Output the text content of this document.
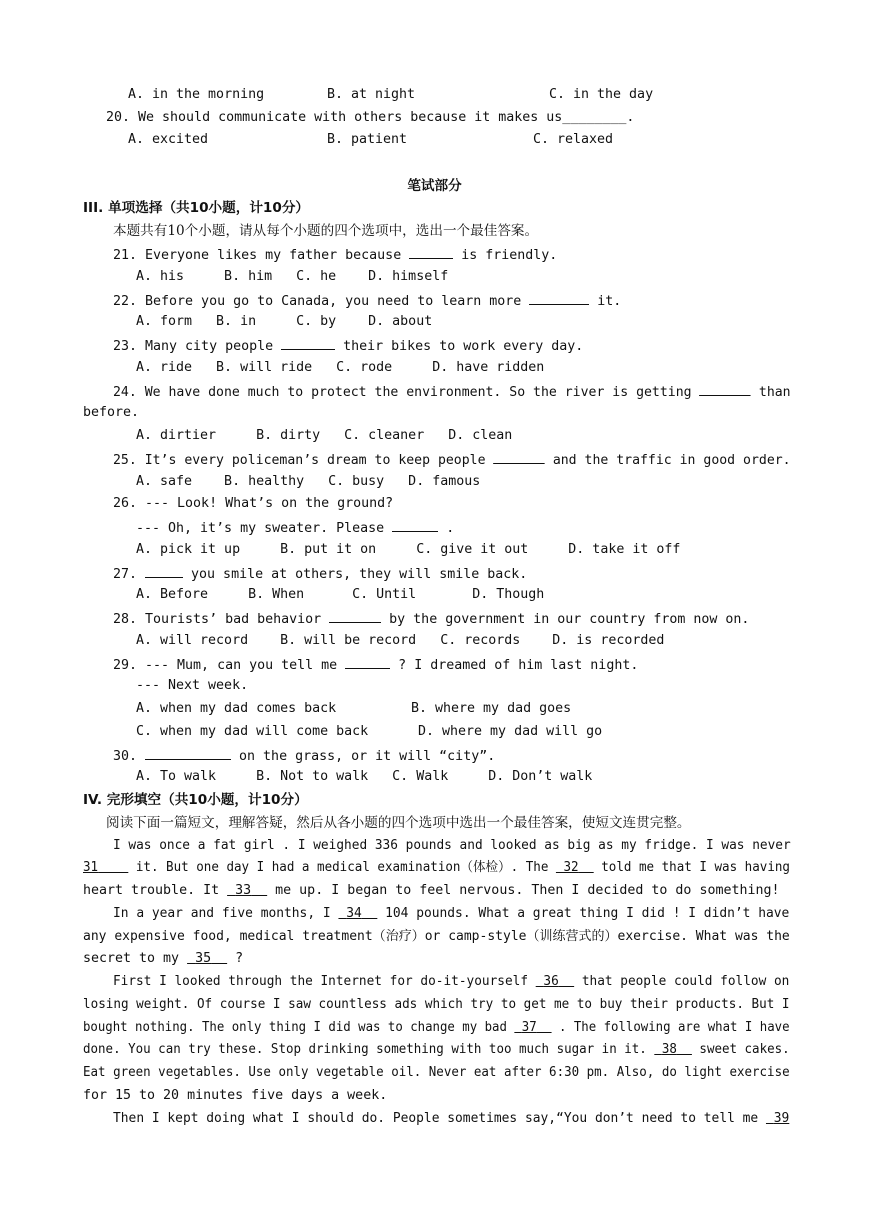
A. in the morning	B. at night	C. in the day
20. We should communicate with others because it makes us________.
A. excited	B. patient	C. relaxed
笔试部分
III. 单项选择（共10小题，计10分）
本题共有10个小题，请从每个小题的四个选项中，选出一个最佳答案。
21. Everyone likes my father because	is friendly.
A. his     B. him   C. he    D. himself
22. Before you go to Canada, you need to learn more	it.
A. form   B. in     C. by    D. about
23. Many city people	their bikes to work every day.
A. ride   B. will ride   C. rode     D. have ridden
24. We have done much to protect the environment. So the river is getting	than
before.
A. dirtier     B. dirty   C. cleaner   D. clean
25. It’s every policeman’s dream to keep people	and the traffic in good order.
A. safe    B. healthy   C. busy   D. famous
26. --- Look! What’s on the ground?
--- Oh, it’s my sweater. Please	.
A. pick it up     B. put it on     C. give it out     D. take it off
27.	you smile at others, they will smile back.
A. Before     B. When      C. Until       D. Though
28. Tourists’ bad behavior	by the government in our country from now on.
A. will record    B. will be record   C. records    D. is recorded
29. --- Mum, can you tell me	? I dreamed of him last night.
--- Next week.
A. when my dad comes back	B. where my dad goes
C. when my dad will come back	D. where my dad will go
30.	on the grass, or it will “city”.
A. To walk     B. Not to walk   C. Walk     D. Don’t walk
IV. 完形填空（共10小题，计10分）
阅读下面一篇短文，理解答疑，然后从各小题的四个选项中选出一个最佳答案，使短文连贯完整。
I was once a fat girl . I weighed 336 pounds and looked as big as my fridge. I was never
31     it. But one day I had a medical examination（体检）. The  32   told me that I was having
heart trouble. It  33   me up. I began to feel nervous. Then I decided to do something!
In a year and five months, I  34   104 pounds. What a great thing I did ! I didn’t have
any expensive food, medical treatment（治疗）or camp-style（训练营式的）exercise. What was the
secret to my  35   ?
First I looked through the Internet for do-it-yourself  36   that people could follow on
losing weight. Of course I saw countless ads which try to get me to buy their products. But I
bought nothing. The only thing I did was to change my bad  37   . The following are what I have
done. You can try these. Stop drinking something with too much sugar in it.  38   sweet cakes.
Eat green vegetables. Use only vegetable oil. Never eat after 6:30 pm. Also, do light exercise
for 15 to 20 minutes five days a week.
Then I kept doing what I should do. People sometimes say,“You don’t need to tell me  39
